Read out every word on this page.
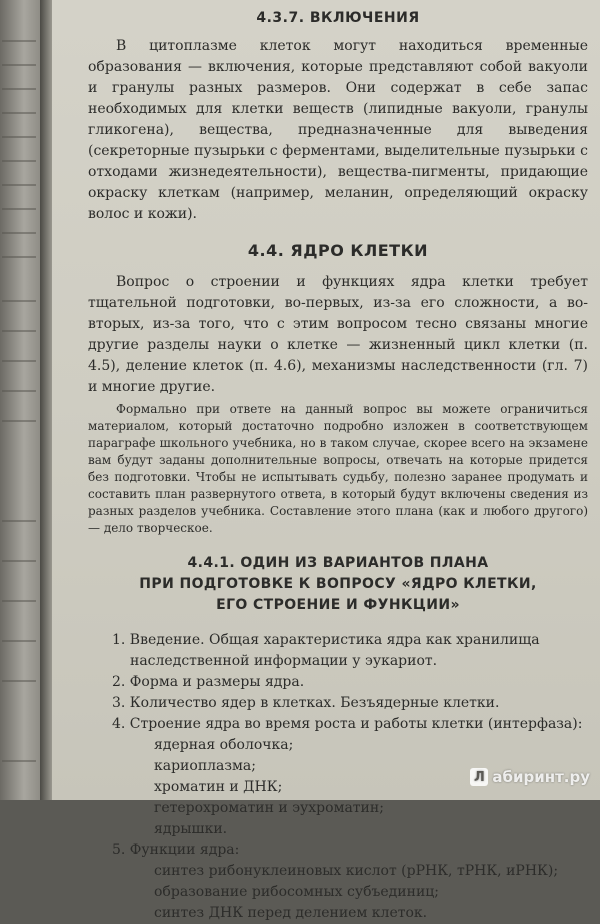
4.3.7. ВКЛЮЧЕНИЯ

В цитоплазме клеток могут находиться временные образования — включения, которые представляют собой вакуоли и гранулы разных размеров. Они содержат в себе запас необходимых для клетки веществ (липидные вакуоли, гранулы гликогена), вещества, предназначенные для выведения (секреторные пузырьки с ферментами, выделительные пузырьки с отходами жизнедеятельности), вещества-пигменты, придающие окраску клеткам (например, меланин, определяющий окраску волос и кожи).

4.4. ЯДРО КЛЕТКИ

Вопрос о строении и функциях ядра клетки требует тщательной подготовки, во-первых, из-за его сложности, а во-вторых, из-за того, что с этим вопросом тесно связаны многие другие разделы науки о клетке — жизненный цикл клетки (п. 4.5), деление клеток (п. 4.6), механизмы наследственности (гл. 7) и многие другие.

Формально при ответе на данный вопрос вы можете ограничиться материалом, который достаточно подробно изложен в соответствующем параграфе школьного учебника, но в таком случае, скорее всего на экзамене вам будут заданы дополнительные вопросы, отвечать на которые придется без подготовки. Чтобы не испытывать судьбу, полезно заранее продумать и составить план развернутого ответа, в который будут включены сведения из разных разделов учебника. Составление этого плана (как и любого другого) — дело творческое.

4.4.1. ОДИН ИЗ ВАРИАНТОВ ПЛАНА
ПРИ ПОДГОТОВКЕ К ВОПРОСУ «ЯДРО КЛЕТКИ,
ЕГО СТРОЕНИЕ И ФУНКЦИИ»
1. Введение. Общая характеристика ядра как хранилища наследственной информации у эукариот.
2. Форма и размеры ядра.
3. Количество ядер в клетках. Безъядерные клетки.
4. Строение ядра во время роста и работы клетки (интерфаза):
ядерная оболочка;
кариоплазма;
хроматин и ДНК;
гетерохроматин и эухроматин;
ядрышки.
5. Функции ядра:
синтез рибонуклеиновых кислот (рРНК, тРНК, иРНК);
образование рибосомных субъединиц;
синтез ДНК перед делением клеток.
Л абиринт.ру
